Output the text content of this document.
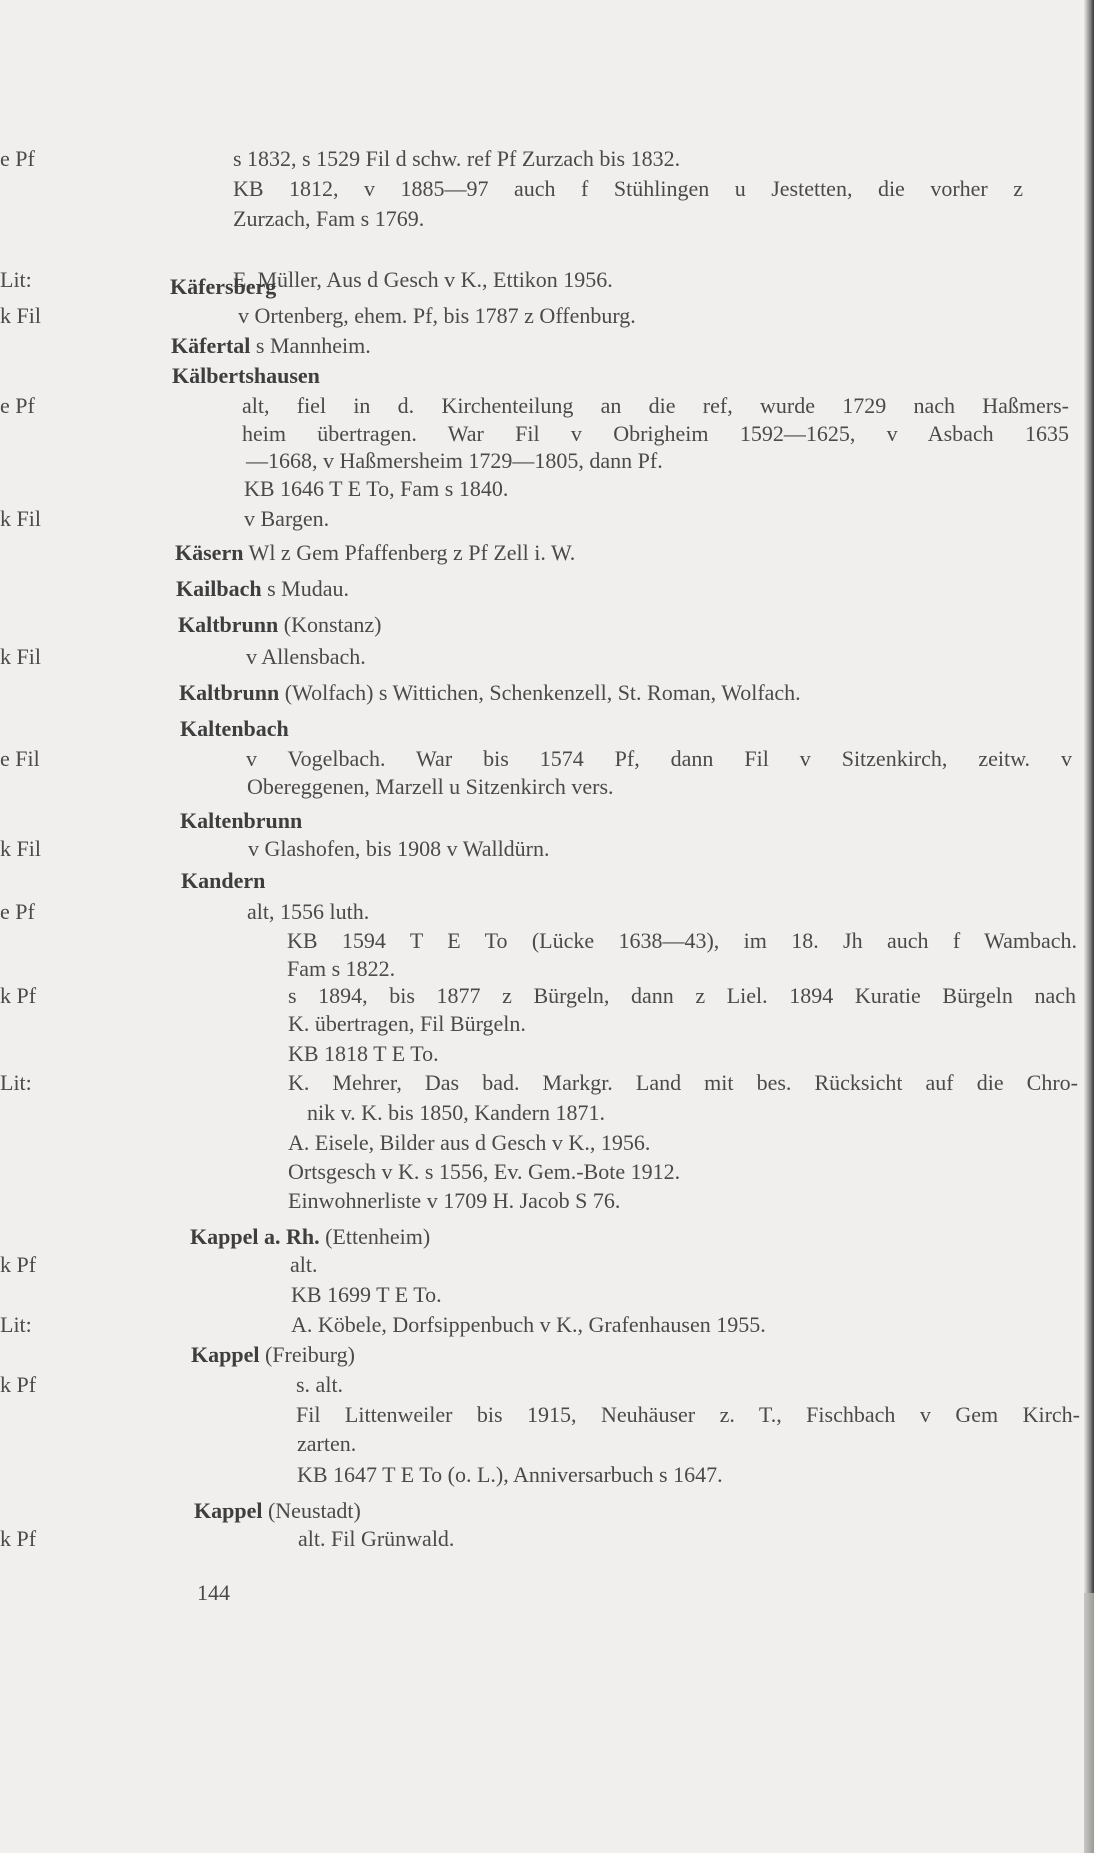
e Pf	s 1832, s 1529 Fil d schw. ref Pf Zurzach bis 1832.
KB 1812, v 1885—97 auch f Stühlingen u Jestetten, die vorher z
Zurzach, Fam s 1769.
Lit:	E. Müller, Aus d Gesch v K., Ettikon 1956.
Käfersberg
k Fil	v Ortenberg, ehem. Pf, bis 1787 z Offenburg.
Käfertal s Mannheim.
Kälbertshausen
e Pf	alt, fiel in d. Kirchenteilung an die ref, wurde 1729 nach Haßmers-
heim übertragen. War Fil v Obrigheim 1592—1625, v Asbach 1635
—1668, v Haßmersheim 1729—1805, dann Pf.
KB 1646 T E To, Fam s 1840.
k Fil	v Bargen.
Käsern Wl z Gem Pfaffenberg z Pf Zell i. W.
Kailbach s Mudau.
Kaltbrunn (Konstanz)
k Fil	v Allensbach.
Kaltbrunn (Wolfach) s Wittichen, Schenkenzell, St. Roman, Wolfach.
Kaltenbach
e Fil	v Vogelbach. War bis 1574 Pf, dann Fil v Sitzenkirch, zeitw. v
Obereggenen, Marzell u Sitzenkirch vers.
Kaltenbrunn
k Fil	v Glashofen, bis 1908 v Walldürn.
Kandern
e Pf	alt, 1556 luth.
KB 1594 T E To (Lücke 1638—43), im 18. Jh auch f Wambach.
Fam s 1822.
k Pf	s 1894, bis 1877 z Bürgeln, dann z Liel. 1894 Kuratie Bürgeln nach
K. übertragen, Fil Bürgeln.
KB 1818 T E To.
Lit:	K. Mehrer, Das bad. Markgr. Land mit bes. Rücksicht auf die Chro-
nik v. K. bis 1850, Kandern 1871.
A. Eisele, Bilder aus d Gesch v K., 1956.
Ortsgesch v K. s 1556, Ev. Gem.-Bote 1912.
Einwohnerliste v 1709 H. Jacob S 76.
Kappel a. Rh. (Ettenheim)
k Pf	alt.
KB 1699 T E To.
Lit:	A. Köbele, Dorfsippenbuch v K., Grafenhausen 1955.
Kappel (Freiburg)
k Pf	s. alt.
Fil Littenweiler bis 1915, Neuhäuser z. T., Fischbach v Gem Kirch-
zarten.
KB 1647 T E To (o. L.), Anniversarbuch s 1647.
Kappel (Neustadt)
k Pf	alt. Fil Grünwald.
144
